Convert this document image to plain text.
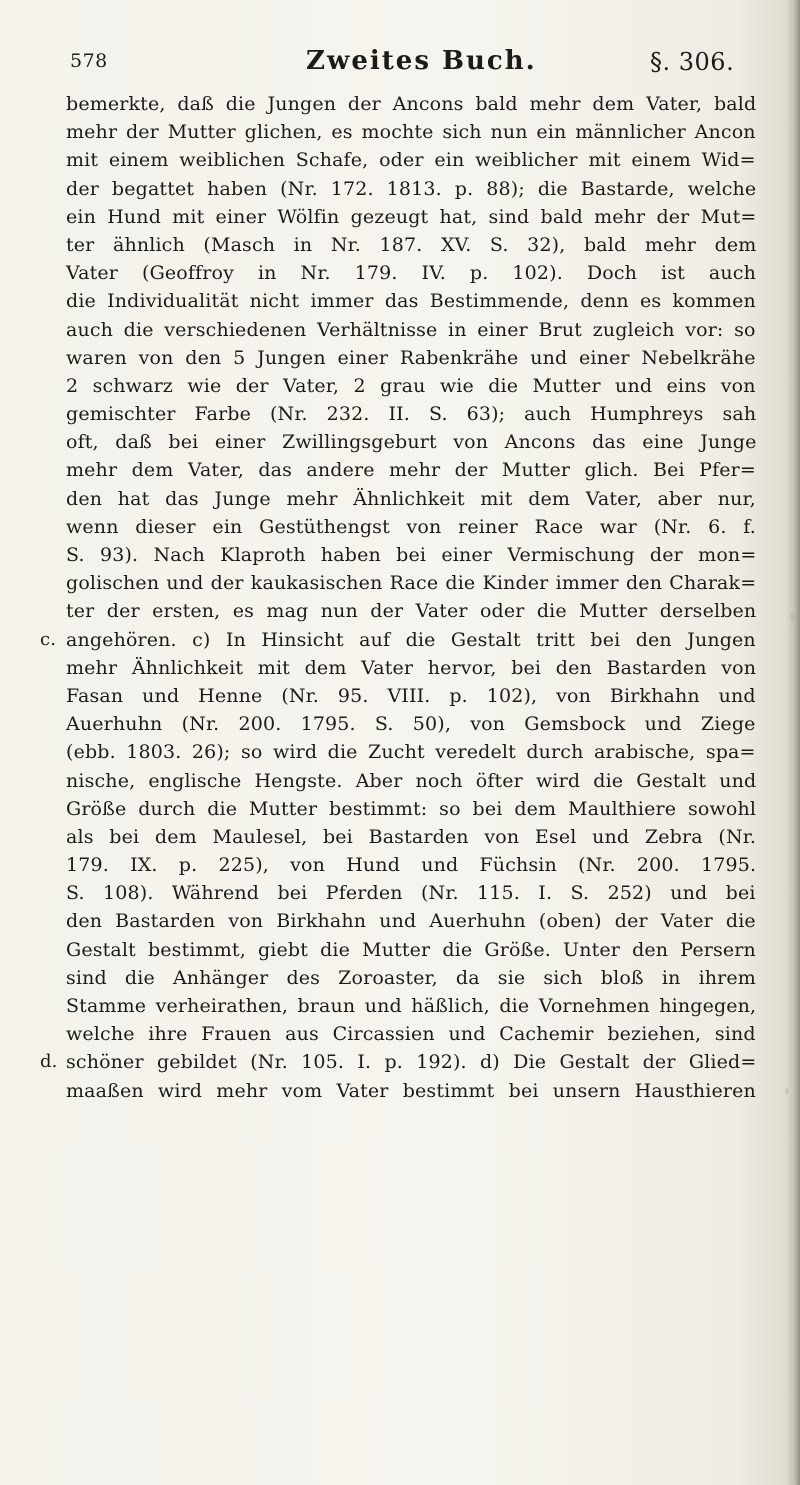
578	Zweites Buch.	§. 306.
bemerkte, daß die Jungen der Ancons bald mehr dem Vater, bald
mehr der Mutter glichen, es mochte sich nun ein männlicher Ancon
mit einem weiblichen Schafe, oder ein weiblicher mit einem Wid=
der begattet haben (Nr. 172. 1813. p. 88); die Bastarde, welche
ein Hund mit einer Wölfin gezeugt hat, sind bald mehr der Mut=
ter ähnlich (Masch in Nr. 187. XV. S. 32), bald mehr dem
Vater (Geoffroy in Nr. 179. IV. p. 102). Doch ist auch
die Individualität nicht immer das Bestimmende, denn es kommen
auch die verschiedenen Verhältnisse in einer Brut zugleich vor: so
waren von den 5 Jungen einer Rabenkrähe und einer Nebelkrähe
2 schwarz wie der Vater, 2 grau wie die Mutter und eins von
gemischter Farbe (Nr. 232. II. S. 63); auch Humphreys sah
oft, daß bei einer Zwillingsgeburt von Ancons das eine Junge
mehr dem Vater, das andere mehr der Mutter glich. Bei Pfer=
den hat das Junge mehr Ähnlichkeit mit dem Vater, aber nur,
wenn dieser ein Gestüthengst von reiner Race war (Nr. 6. f.
S. 93). Nach Klaproth haben bei einer Vermischung der mon=
golischen und der kaukasischen Race die Kinder immer den Charak=
ter der ersten, es mag nun der Vater oder die Mutter derselben
angehören. c) In Hinsicht auf die Gestalt tritt bei den Jungen
c.
mehr Ähnlichkeit mit dem Vater hervor, bei den Bastarden von
Fasan und Henne (Nr. 95. VIII. p. 102), von Birkhahn und
Auerhuhn (Nr. 200. 1795. S. 50), von Gemsbock und Ziege
(ebb. 1803. 26); so wird die Zucht veredelt durch arabische, spa=
nische, englische Hengste. Aber noch öfter wird die Gestalt und
Größe durch die Mutter bestimmt: so bei dem Maulthiere sowohl
als bei dem Maulesel, bei Bastarden von Esel und Zebra (Nr.
179. IX. p. 225), von Hund und Füchsin (Nr. 200. 1795.
S. 108). Während bei Pferden (Nr. 115. I. S. 252) und bei
den Bastarden von Birkhahn und Auerhuhn (oben) der Vater die
Gestalt bestimmt, giebt die Mutter die Größe. Unter den Persern
sind die Anhänger des Zoroaster, da sie sich bloß in ihrem
Stamme verheirathen, braun und häßlich, die Vornehmen hingegen,
welche ihre Frauen aus Circassien und Cachemir beziehen, sind
schöner gebildet (Nr. 105. I. p. 192). d) Die Gestalt der Glied=
d.
maaßen wird mehr vom Vater bestimmt bei unsern Hausthieren
